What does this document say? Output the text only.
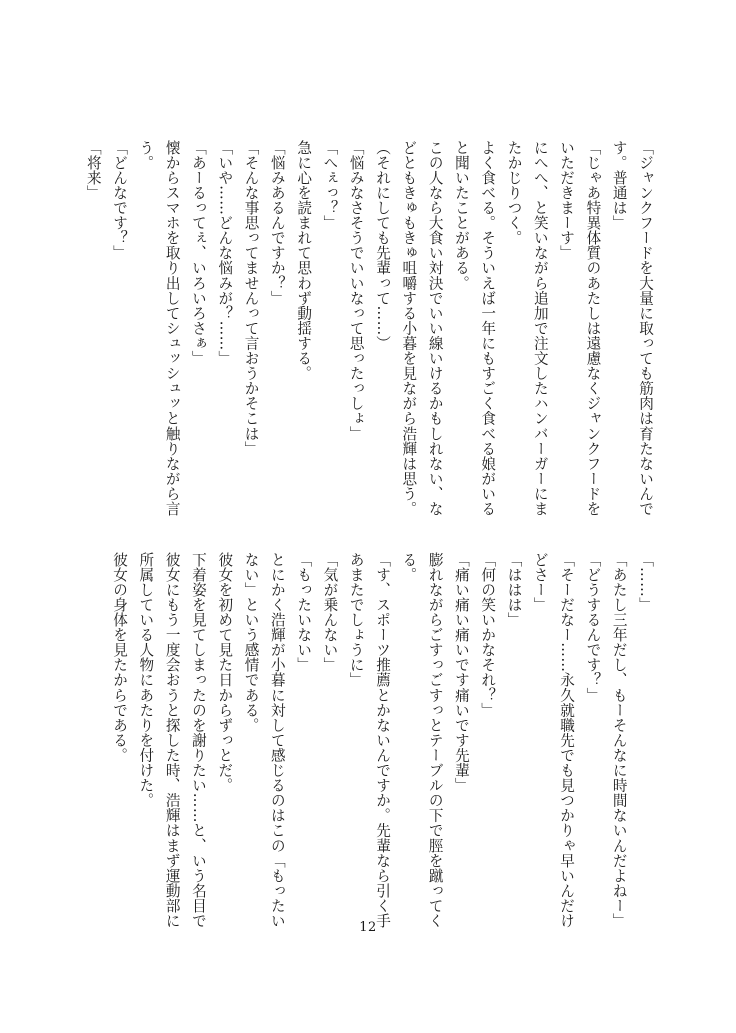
「ジャンクフードを大量に取っても筋肉は育たないんで
す。普通は」
「じゃあ特異体質のあたしは遠慮なくジャンクフードを
いただきまーす」
にへへ、と笑いながら追加で注文したハンバーガーにま
たかじりつく。
よく食べる。そういえば一年にもすごく食べる娘がいる
と聞いたことがある。
この人なら大食い対決でいい線いけるかもしれない、な
どともきゅもきゅ咀嚼する小暮を見ながら浩輝は思う。
（それにしても先輩って……）
「悩みなさそうでいいなって思ったっしょ」
「へぇっ？」
急に心を読まれて思わず動揺する。
「悩みあるんですか？」
「そんな事思ってませんって言おうかそこは」
「いや……どんな悩みが？……」
「あーるってぇ、いろいろさぁ」
懐からスマホを取り出してシュッシュッと触りながら言
う。
「どんなです？」
「将来」
「……」
「あたし三年だし、もーそんなに時間ないんだよねー」
「どうするんです？」
「そーだなー……永久就職先でも見つかりゃ早いんだけ
どさー」
「ははは」
「何の笑いかなそれ？」
「痛い痛い痛いです痛いです先輩」
膨れながらごすっごすっとテーブルの下で脛を蹴ってく
る。
「す、スポーツ推薦とかないんですか。先輩なら引く手
あまたでしょうに」
「気が乗んない」
「もったいない」
とにかく浩輝が小暮に対して感じるのはこの「もったい
ない」という感情である。
彼女を初めて見た日からずっとだ。
下着姿を見てしまったのを謝りたい……と、いう名目で
彼女にもう一度会おうと探した時、浩輝はまず運動部に
所属している人物にあたりを付けた。
彼女の身体を見たからである。
12
